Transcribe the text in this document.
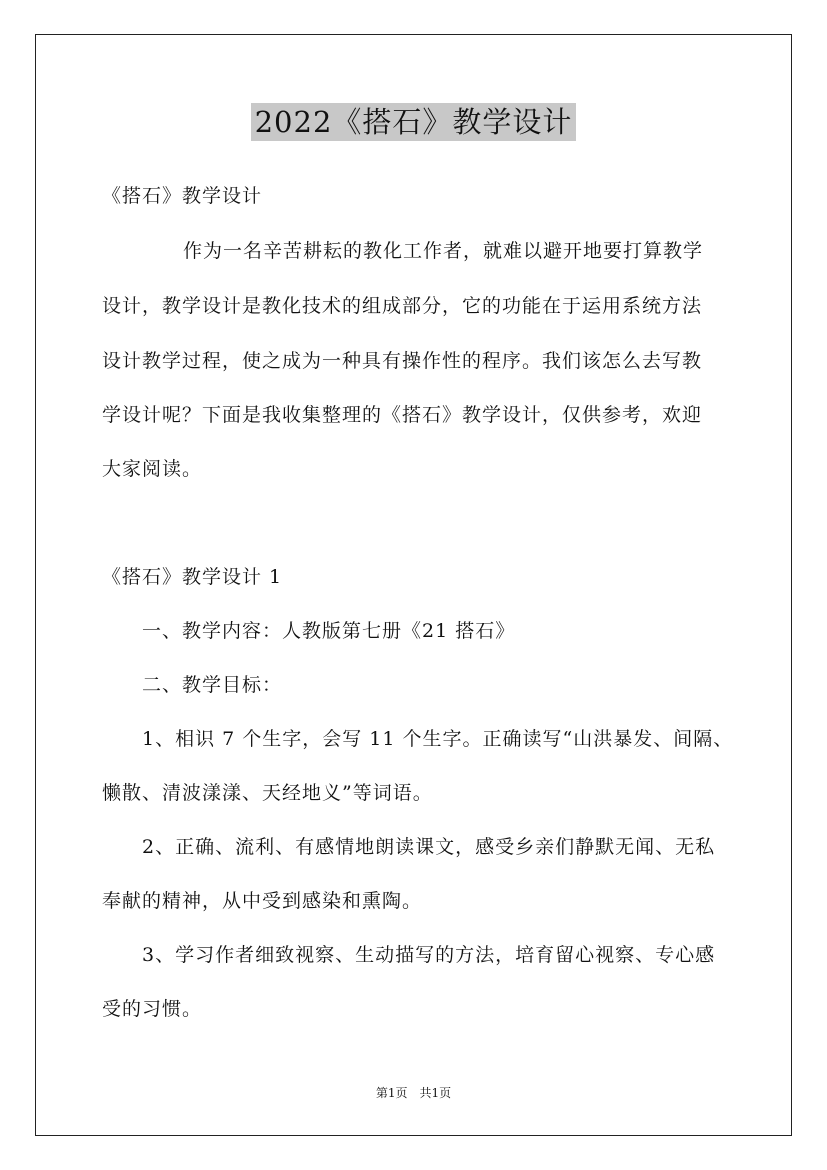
2022《搭石》教学设计
《搭石》教学设计
作为一名辛苦耕耘的教化工作者，就难以避开地要打算教学
设计，教学设计是教化技术的组成部分，它的功能在于运用系统方法
设计教学过程，使之成为一种具有操作性的程序。我们该怎么去写教
学设计呢？下面是我收集整理的《搭石》教学设计，仅供参考，欢迎
大家阅读。
《搭石》教学设计 1
一、教学内容：人教版第七册《21 搭石》
二、教学目标：
1、相识 7 个生字，会写 11 个生字。正确读写“山洪暴发、间隔、
懒散、清波漾漾、天经地义”等词语。
2、正确、流利、有感情地朗读课文，感受乡亲们静默无闻、无私
奉献的精神，从中受到感染和熏陶。
3、学习作者细致视察、生动描写的方法，培育留心视察、专心感
受的习惯。
第1页　共1页
